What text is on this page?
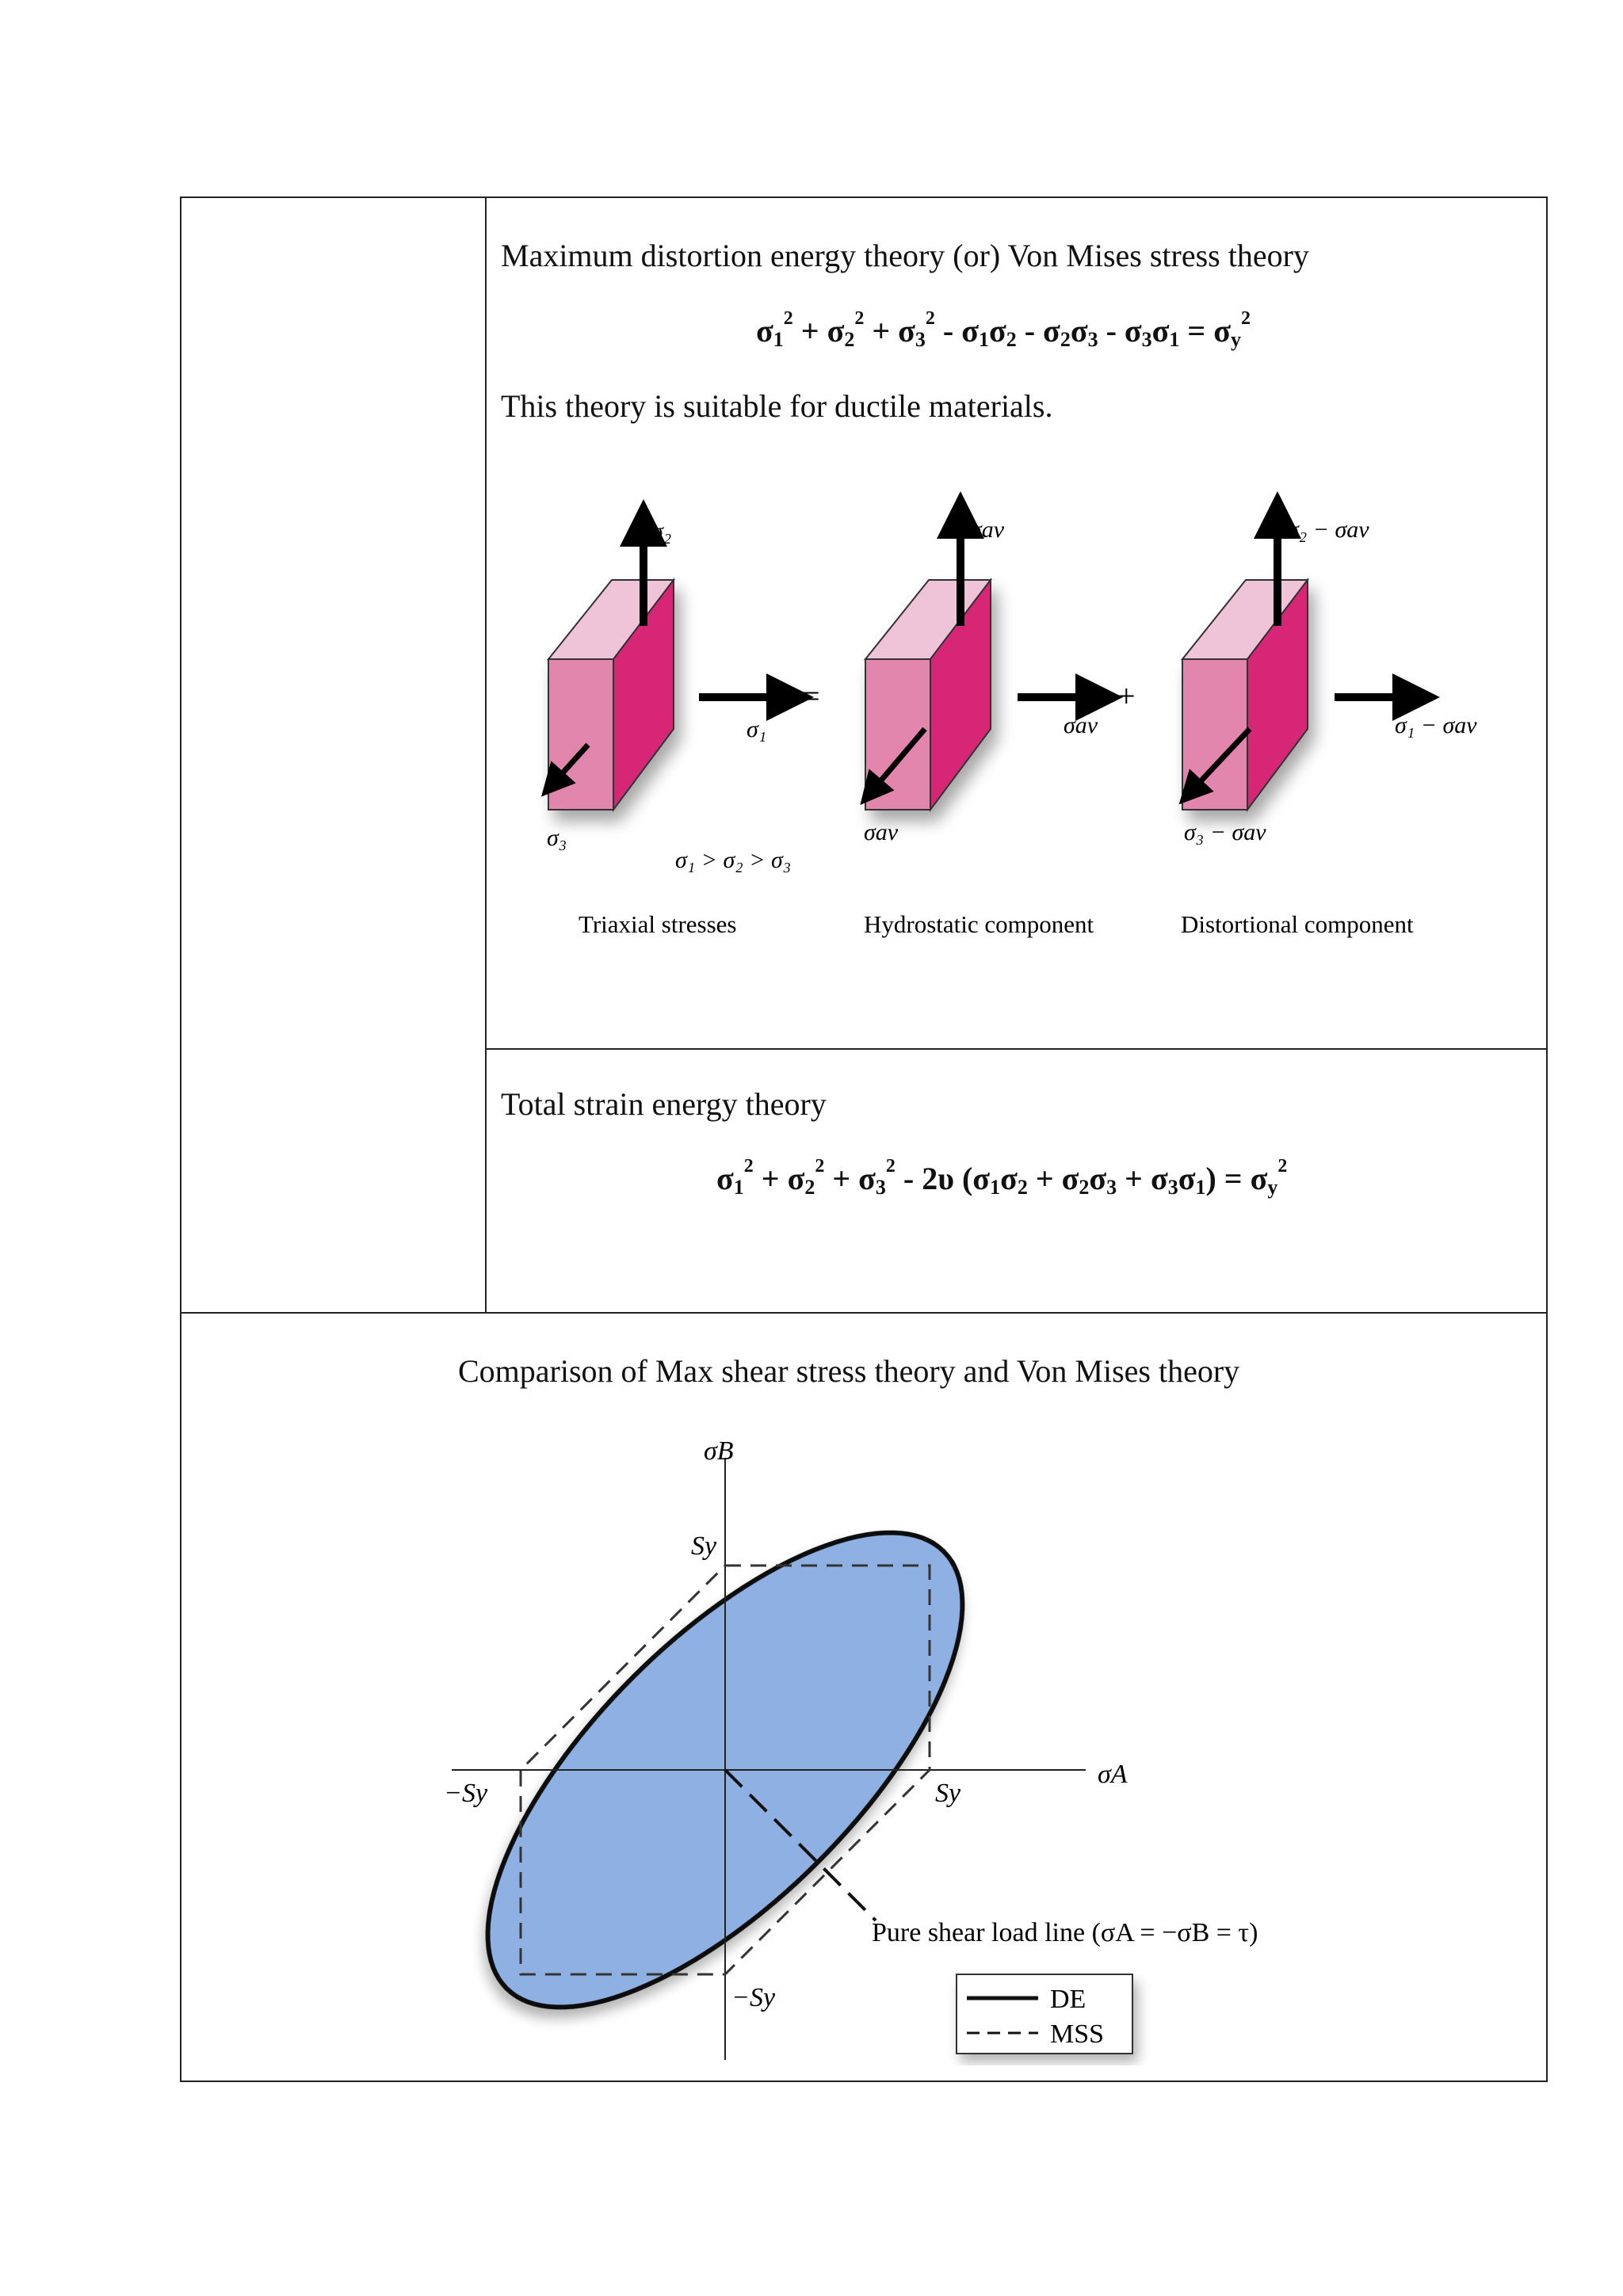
Maximum distortion energy theory (or) Von Mises stress theory
$\sigma_1^2 + \sigma_2^2 + \sigma_3^2 - \sigma_1\sigma_2 - \sigma_2\sigma_3 - \sigma_3\sigma_1 = \sigma_y^2$
This theory is suitable for ductile materials.
σ₂
σ₁
σ₃
σ₁ > σ₂ > σ₃
Triaxial stresses
=
σav
σav
σav
Hydrostatic component
+
σ₂ − σav
σ₁ − σav
σ₃ − σav
Distortional component
Total strain energy theory
$\sigma_1^2 + \sigma_2^2 + \sigma_3^2 - 2\upsilon$ $(\sigma_1\sigma_2 + \sigma_2\sigma_3 + \sigma_3\sigma_1) = \sigma_y^2$
Comparison of Max shear stress theory and Von Mises theory
σB
σA
Sy
Sy
−Sy
−Sy
Pure shear load line (σA = −σB = τ)
DE
MSS
